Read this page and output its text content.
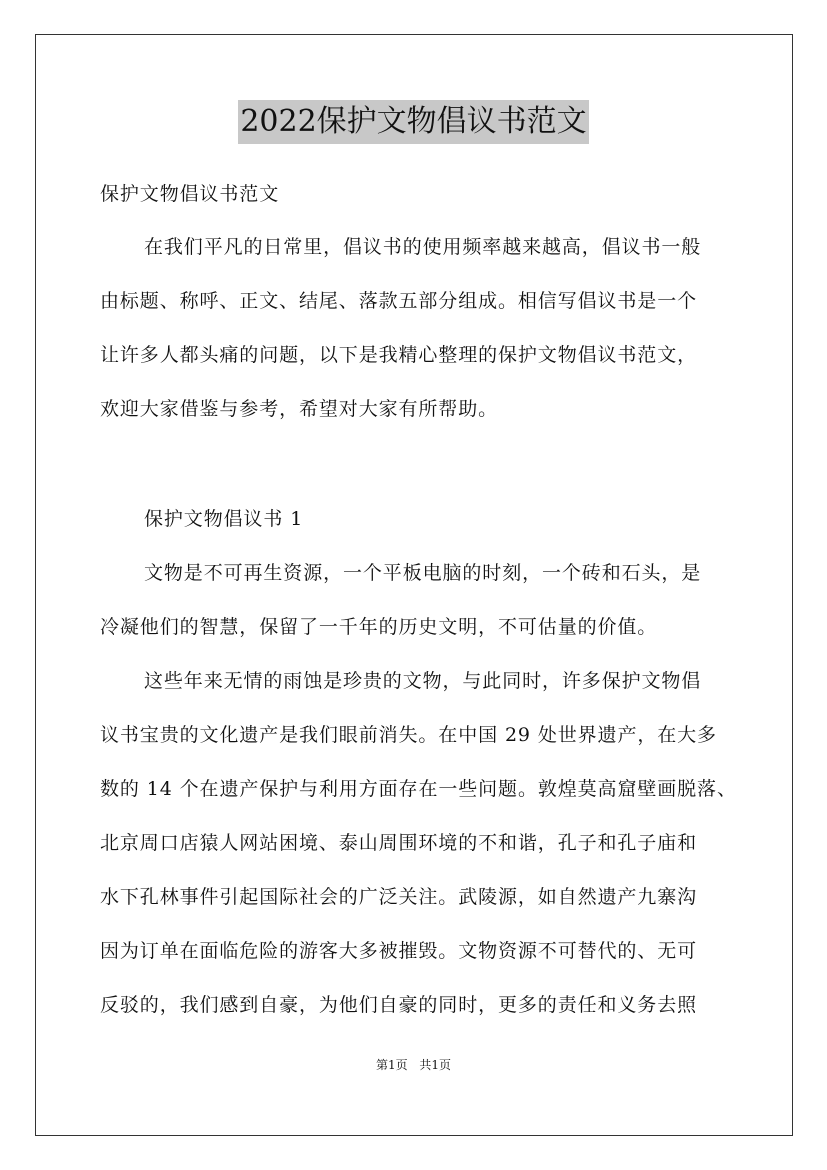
2022保护文物倡议书范文
保护文物倡议书范文
在我们平凡的日常里，倡议书的使用频率越来越高，倡议书一般
由标题、称呼、正文、结尾、落款五部分组成。相信写倡议书是一个
让许多人都头痛的问题，以下是我精心整理的保护文物倡议书范文，
欢迎大家借鉴与参考，希望对大家有所帮助。
保护文物倡议书 1
文物是不可再生资源，一个平板电脑的时刻，一个砖和石头，是
冷凝他们的智慧，保留了一千年的历史文明，不可估量的价值。
这些年来无情的雨蚀是珍贵的文物，与此同时，许多保护文物倡
议书宝贵的文化遗产是我们眼前消失。在中国 29 处世界遗产，在大多
数的 14 个在遗产保护与利用方面存在一些问题。敦煌莫高窟壁画脱落、
北京周口店猿人网站困境、泰山周围环境的不和谐，孔子和孔子庙和
水下孔林事件引起国际社会的广泛关注。武陵源，如自然遗产九寨沟
因为订单在面临危险的游客大多被摧毁。文物资源不可替代的、无可
反驳的，我们感到自豪，为他们自豪的同时，更多的责任和义务去照
第1页 共1页
